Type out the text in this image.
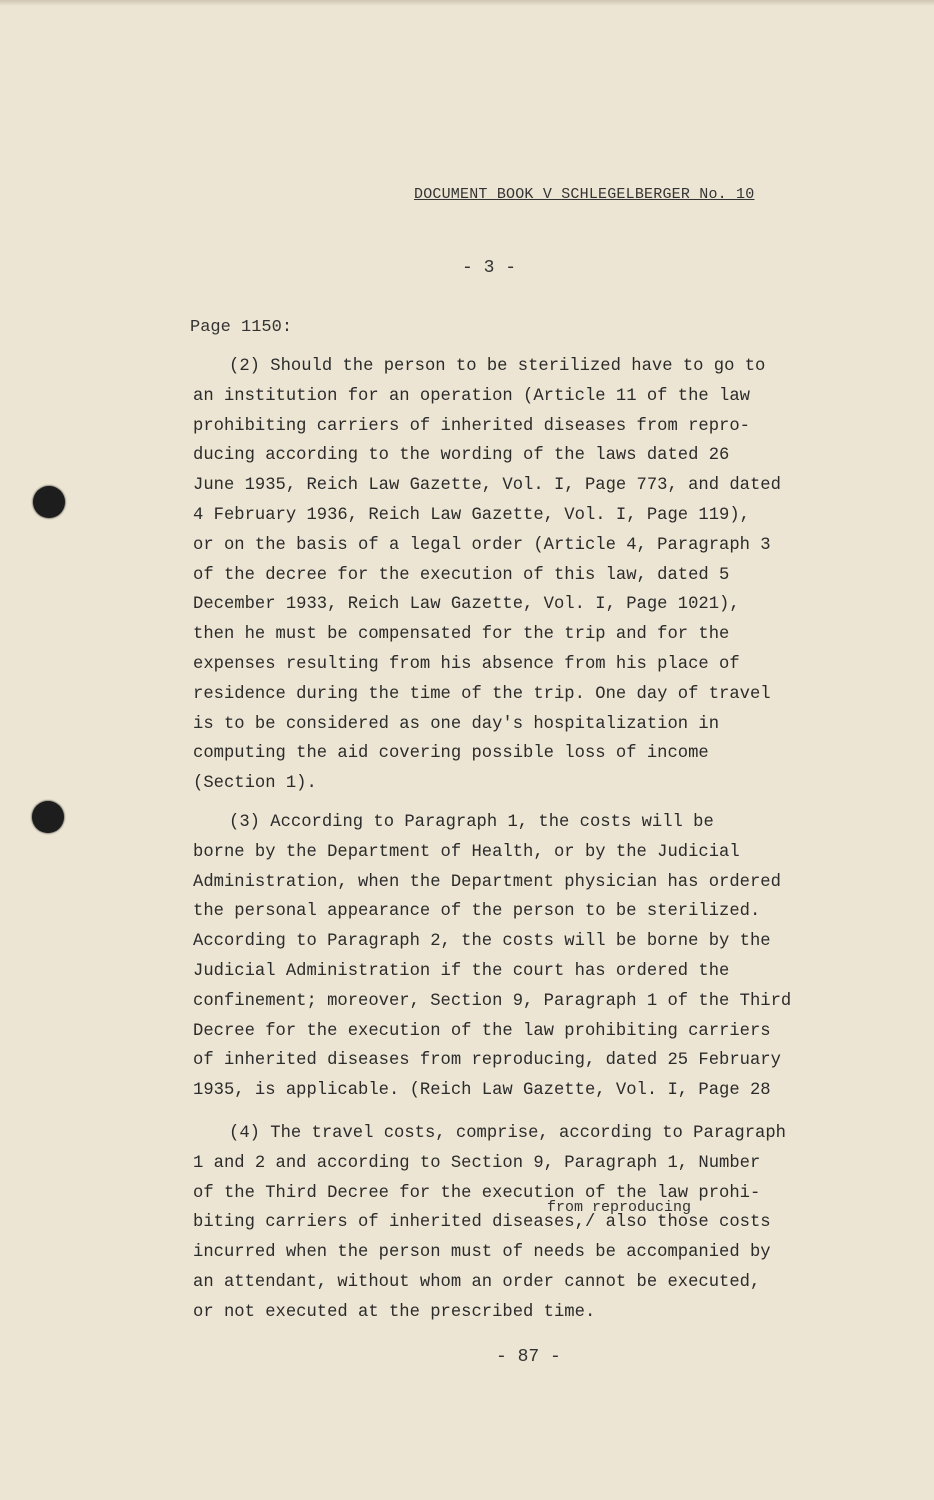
DOCUMENT BOOK V SCHLEGELBERGER No. 10
- 3 -
Page 1150:
(2) Should the person to be sterilized have to go to
an institution for an operation (Article 11 of the law
prohibiting carriers of inherited diseases from repro-
ducing according to the wording of the laws dated 26
June 1935, Reich Law Gazette, Vol. I, Page 773, and dated
4 February 1936, Reich Law Gazette, Vol. I, Page 119),
or on the basis of a legal order (Article 4, Paragraph 3
of the decree for the execution of this law, dated 5
December 1933, Reich Law Gazette, Vol. I, Page 1021),
then he must be compensated for the trip and for the
expenses resulting from his absence from his place of
residence during the time of the trip. One day of travel
is to be considered as one day's hospitalization in
computing the aid covering possible loss of income
(Section 1).
(3) According to Paragraph 1, the costs will be
borne by the Department of Health, or by the Judicial
Administration, when the Department physician has ordered
the personal appearance of the person to be sterilized.
According to Paragraph 2, the costs will be borne by the
Judicial Administration if the court has ordered the
confinement; moreover, Section 9, Paragraph 1 of the Third
Decree for the execution of the law prohibiting carriers
of inherited diseases from reproducing, dated 25 February
1935, is applicable. (Reich Law Gazette, Vol. I, Page 28
(4) The travel costs, comprise, according to Paragraph
1 and 2 and according to Section 9, Paragraph 1, Number
of the Third Decree for the execution of the law prohi-
biting carriers of inherited diseases,/ also those costs
incurred when the person must of needs be accompanied by
an attendant, without whom an order cannot be executed,
or not executed at the prescribed time.
from reproducing
- 87 -
